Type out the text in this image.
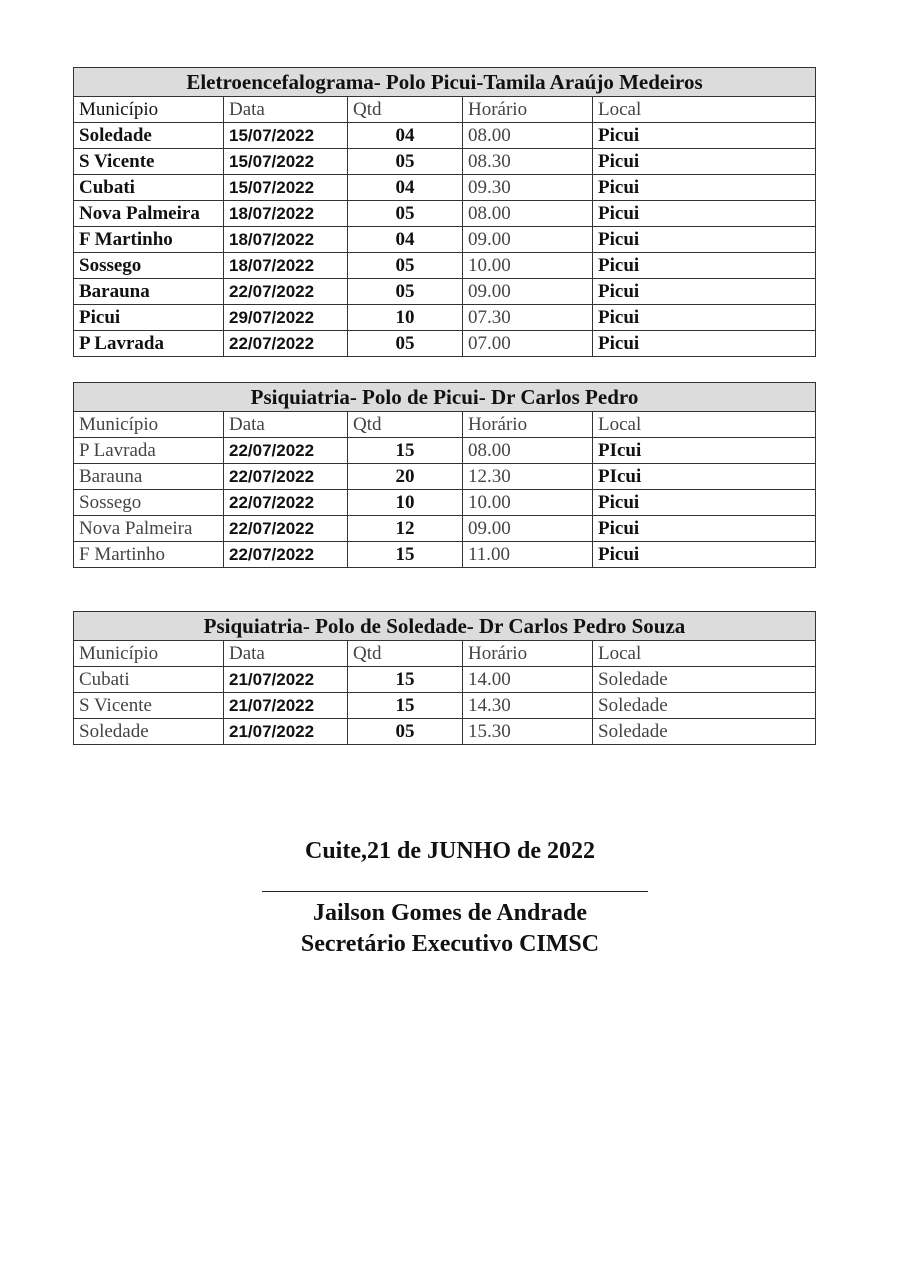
Eletroencefalograma- Polo Picui-Tamila Araújo Medeiros				
Município	Data	Qtd	Horário	Local
Soledade	15/07/2022	04	08.00	Picui
S Vicente	15/07/2022	05	08.30	Picui
Cubati	15/07/2022	04	09.30	Picui
Nova Palmeira	18/07/2022	05	08.00	Picui
F Martinho	18/07/2022	04	09.00	Picui
Sossego	18/07/2022	05	10.00	Picui
Barauna	22/07/2022	05	09.00	Picui
Picui	29/07/2022	10	07.30	Picui
P Lavrada	22/07/2022	05	07.00	Picui
Psiquiatria- Polo de Picui- Dr Carlos Pedro				
Município	Data	Qtd	Horário	Local
P Lavrada	22/07/2022	15	08.00	PIcui
Barauna	22/07/2022	20	12.30	PIcui
Sossego	22/07/2022	10	10.00	Picui
Nova Palmeira	22/07/2022	12	09.00	Picui
F Martinho	22/07/2022	15	11.00	Picui
Psiquiatria- Polo de Soledade- Dr Carlos Pedro Souza				
Município	Data	Qtd	Horário	Local
Cubati	21/07/2022	15	14.00	Soledade
S Vicente	21/07/2022	15	14.30	Soledade
Soledade	21/07/2022	05	15.30	Soledade
Cuite,21 de JUNHO de 2022
Jailson Gomes de Andrade
Secretário Executivo CIMSC
